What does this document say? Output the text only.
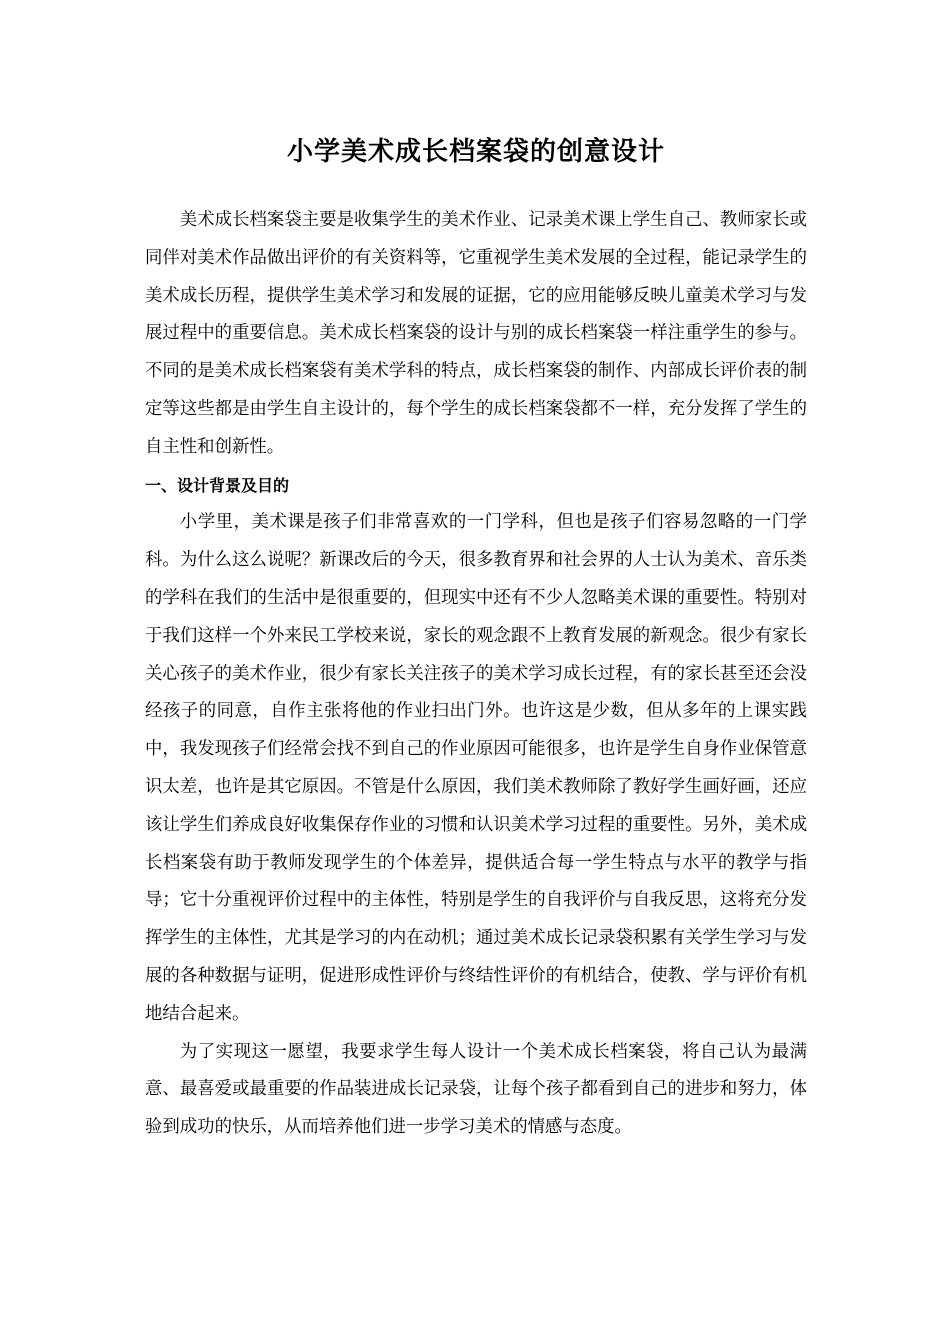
小学美术成长档案袋的创意设计

美术成长档案袋主要是收集学生的美术作业、记录美术课上学生自己、教师家长或同伴对美术作品做出评价的有关资料等，它重视学生美术发展的全过程，能记录学生的美术成长历程，提供学生美术学习和发展的证据，它的应用能够反映儿童美术学习与发展过程中的重要信息。美术成长档案袋的设计与别的成长档案袋一样注重学生的参与。不同的是美术成长档案袋有美术学科的特点，成长档案袋的制作、内部成长评价表的制定等这些都是由学生自主设计的，每个学生的成长档案袋都不一样，充分发挥了学生的自主性和创新性。

一、设计背景及目的

小学里，美术课是孩子们非常喜欢的一门学科，但也是孩子们容易忽略的一门学科。为什么这么说呢？新课改后的今天，很多教育界和社会界的人士认为美术、音乐类的学科在我们的生活中是很重要的，但现实中还有不少人忽略美术课的重要性。特别对于我们这样一个外来民工学校来说，家长的观念跟不上教育发展的新观念。很少有家长关心孩子的美术作业，很少有家长关注孩子的美术学习成长过程，有的家长甚至还会没经孩子的同意，自作主张将他的作业扫出门外。也许这是少数，但从多年的上课实践中，我发现孩子们经常会找不到自己的作业原因可能很多，也许是学生自身作业保管意识太差，也许是其它原因。不管是什么原因，我们美术教师除了教好学生画好画，还应该让学生们养成良好收集保存作业的习惯和认识美术学习过程的重要性。另外，美术成长档案袋有助于教师发现学生的个体差异，提供适合每一学生特点与水平的教学与指导；它十分重视评价过程中的主体性，特别是学生的自我评价与自我反思，这将充分发挥学生的主体性，尤其是学习的内在动机；通过美术成长记录袋积累有关学生学习与发展的各种数据与证明，促进形成性评价与终结性评价的有机结合，使教、学与评价有机地结合起来。

为了实现这一愿望，我要求学生每人设计一个美术成长档案袋，将自己认为最满意、最喜爱或最重要的作品装进成长记录袋，让每个孩子都看到自己的进步和努力，体验到成功的快乐，从而培养他们进一步学习美术的情感与态度。
